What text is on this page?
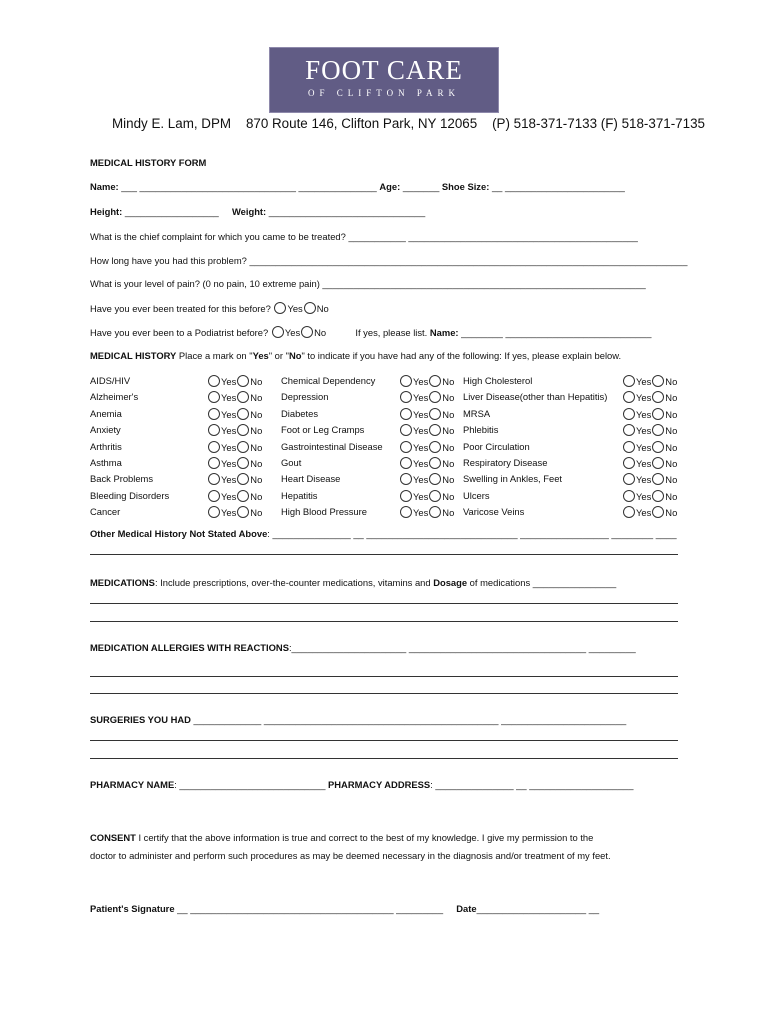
FOOT CARE
OF CLIFTON PARK
Mindy E. Lam, DPM    870 Route 146, Clifton Park, NY 12065    (P) 518-371-7133 (F) 518-371-7135
MEDICAL HISTORY FORM
Name: ___ ______________________________ _______________ Age: _______ Shoe Size: __ _______________________
Height: __________________ Weight: ______________________________
What is the chief complaint for which you came to be treated? ___________ ____________________________________________
How long have you had this problem? ____________________________________________________________________________________
What is your level of pain? (0 no pain, 10 extreme pain) ______________________________________________________________
Have you ever been treated for this before? Yes No
Have you ever been to a Podiatrist before? Yes No	If yes, please list. Name: ________ ____________________________
MEDICAL HISTORY Place a mark on "Yes" or "No" to indicate if you have had any of the following: If yes, please explain below.
AIDS/HIV	Yes No
Alzheimer's	Yes No
Anemia	Yes No
Anxiety	Yes No
Arthritis	Yes No
Asthma	Yes No
Back Problems	Yes No
Bleeding Disorders	Yes No
Cancer	Yes No
Chemical Dependency	Yes No
Depression	Yes No
Diabetes	Yes No
Foot or Leg Cramps	Yes No
Gastrointestinal Disease	Yes No
Gout	Yes No
Heart Disease	Yes No
Hepatitis	Yes No
High Blood Pressure	Yes No
High Cholesterol	Yes No
Liver Disease(other than Hepatitis)	Yes No
MRSA	Yes No
Phlebitis	Yes No
Poor Circulation	Yes No
Respiratory Disease	Yes No
Swelling in Ankles, Feet	Yes No
Ulcers	Yes No
Varicose Veins	Yes No
Other Medical History Not Stated Above: _______________ __ _____________________________ _________________ ________ ____
MEDICATIONS: Include prescriptions, over-the-counter medications, vitamins and Dosage of medications ________________
MEDICATION ALLERGIES WITH REACTIONS:______________________ __________________________________ _________
SURGERIES YOU HAD _____________ _____________________________________________ ________________________
PHARMACY NAME: ____________________________ PHARMACY ADDRESS: _______________ __ ____________________
CONSENT I certify that the above information is true and correct to the best of my knowledge. I give my permission to the
doctor to administer and perform such procedures as may be deemed necessary in the diagnosis and/or treatment of my feet.
Patient's Signature __ _______________________________________ _________ Date_____________________ __
